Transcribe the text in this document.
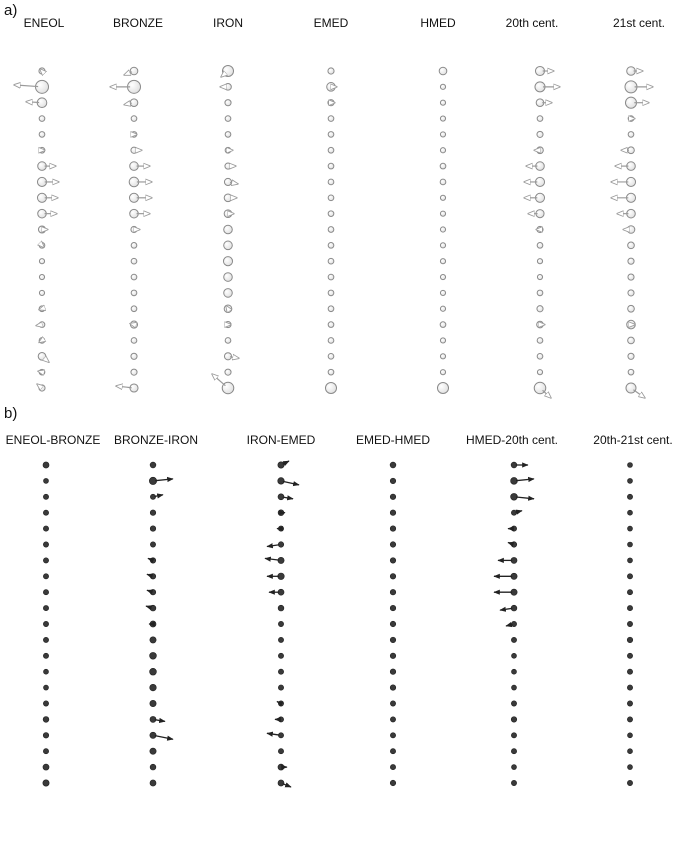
a)
b)
ENEOL	BRONZE	IRON	EMED	HMED	20th cent.	21st cent.
ENEOL-BRONZE BRONZE-IRON	IRON-EMED	EMED-HMED	HMED-20th cent.	20th-21st cent.
